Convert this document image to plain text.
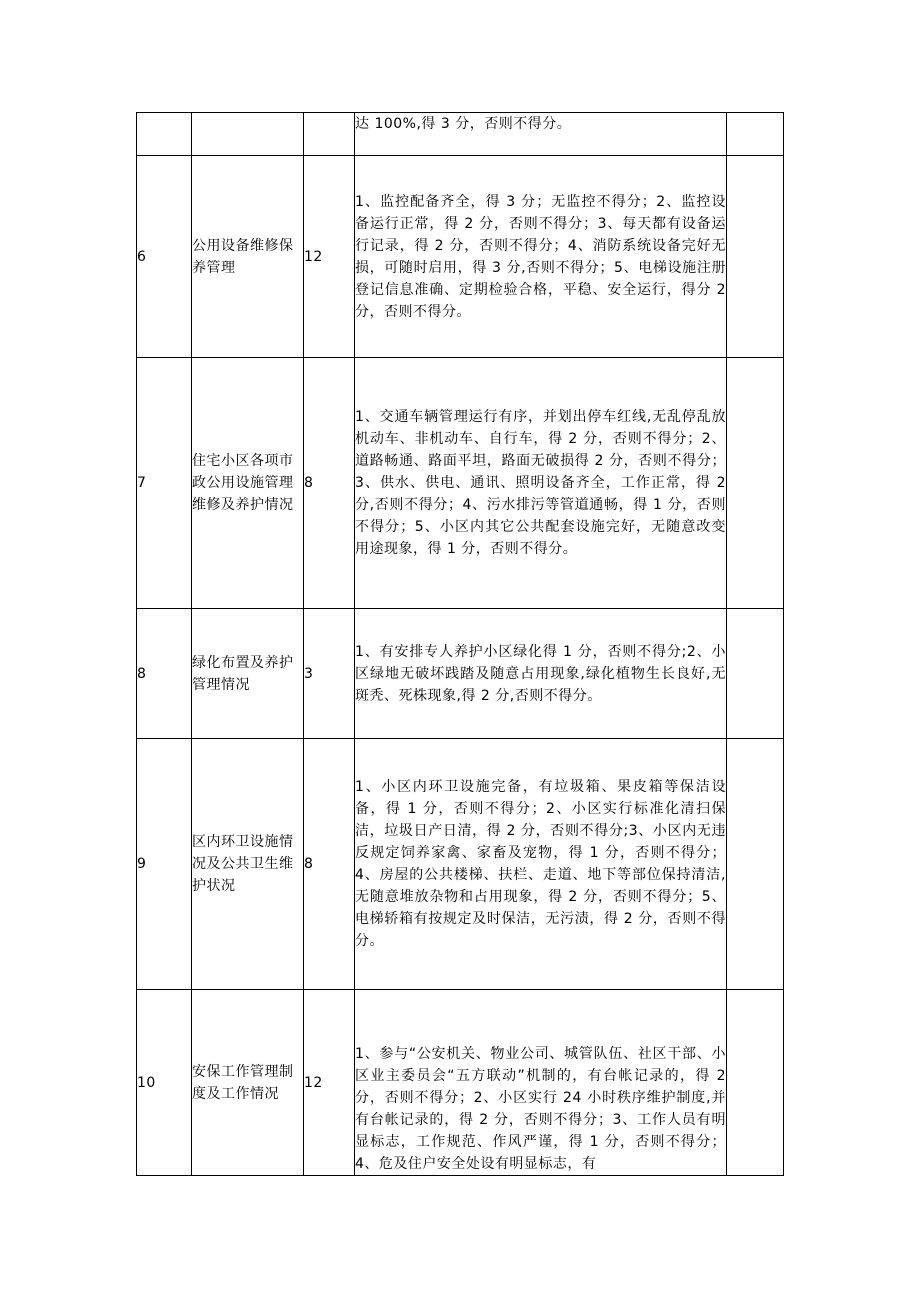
			达 100%,得 3 分，否则不得分。	
6	公用设备维修保养管理	12	1、监控配备齐全，得 3 分；无监控不得分；2、监控设备运行正常，得 2 分，否则不得分；3、每天都有设备运行记录，得 2 分，否则不得分；4、消防系统设备完好无损，可随时启用，得 3 分,否则不得分；5、电梯设施注册登记信息准确、定期检验合格，平稳、安全运行，得分 2 分，否则不得分。	
7	住宅小区各项市政公用设施管理维修及养护情况	8	1、交通车辆管理运行有序，并划出停车红线,无乱停乱放机动车、非机动车、自行车，得 2 分，否则不得分；2、道路畅通、路面平坦，路面无破损得 2 分，否则不得分；3、供水、供电、通讯、照明设备齐全，工作正常，得 2 分,否则不得分；4、污水排污等管道通畅，得 1 分，否则不得分；5、小区内其它公共配套设施完好，无随意改变用途现象，得 1 分，否则不得分。	
8	绿化布置及养护管理情况	3	1、有安排专人养护小区绿化得 1 分，否则不得分;2、小区绿地无破坏践踏及随意占用现象,绿化植物生长良好,无斑秃、死株现象,得 2 分,否则不得分。	
9	区内环卫设施情况及公共卫生维护状况	8	1、小区内环卫设施完备，有垃圾箱、果皮箱等保洁设备，得 1 分，否则不得分；2、小区实行标准化清扫保洁，垃圾日产日清，得 2 分，否则不得分;3、小区内无违反规定饲养家禽、家畜及宠物，得 1 分，否则不得分；4、房屋的公共楼梯、扶栏、走道、地下等部位保持清洁,无随意堆放杂物和占用现象，得 2 分，否则不得分；5、电梯轿箱有按规定及时保洁，无污渍，得 2 分，否则不得分。	
10	安保工作管理制度及工作情况	12	1、参与“公安机关、物业公司、城管队伍、社区干部、小区业主委员会“五方联动”机制的，有台帐记录的，得 2 分，否则不得分；2、小区实行 24 小时秩序维护制度,并有台帐记录的，得 2 分，否则不得分；3、工作人员有明显标志，工作规范、作风严谨，得 1 分，否则不得分；4、危及住户安全处设有明显标志，有	
